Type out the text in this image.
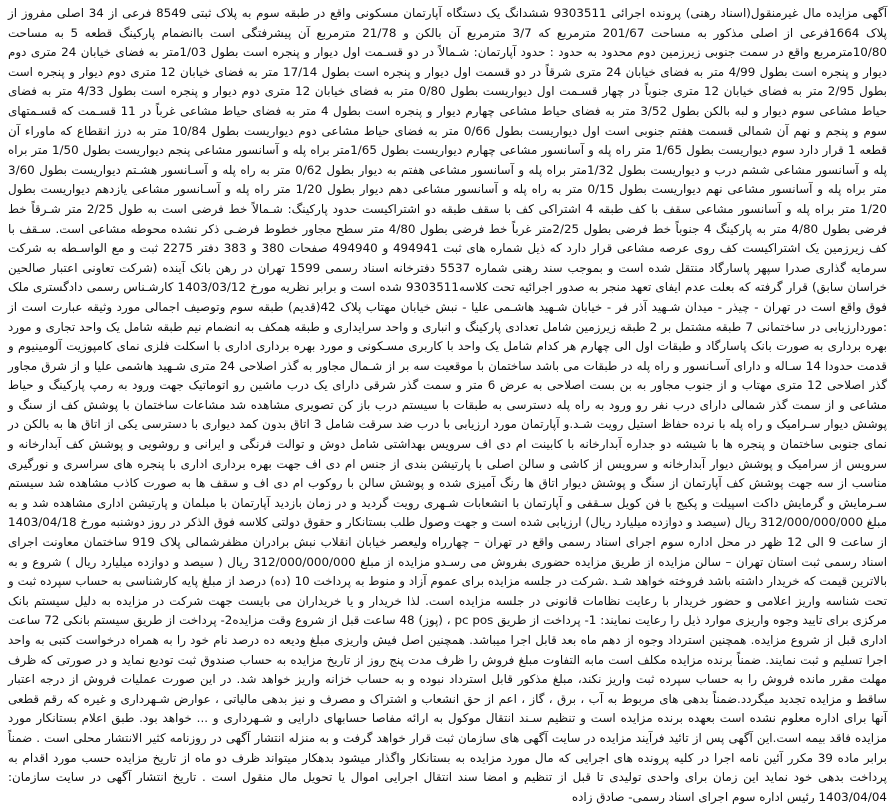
آگهی مزایده مال غیرمنقول(اسناد رهنی) پرونده اجرائی 9303511 ششدانگ یک دستگاه آپارتمان مسکونی واقع در طبقه سوم به پلاک ثبتی 8549 فرعی از 34 اصلی مفروز از پلاک 1664فرعی از اصلی مذکور به مساحت 201/67 مترمربع که 3/7 مترمربع آن بالکن و 21/78 مترمربع آن پیشرفتگی است باانضمام پارکینگ قطعه 5 به مساحت 10/80مترمربع واقع در سمت جنوبی زیرزمین دوم محدود به حدود : حدود آپارتمان: شـمالاً در دو قسـمت اول دیوار و پنجره است بطول 1/03متر به فضای خیابان 24 متری دوم دیوار و پنجره است بطول 4/99 متر به فضای خیابان 24 متری شرقاً در دو قسمت اول دیوار و پنجره است بطول 17/14 متر به فضای خیابان 12 متری دوم دیوار و پنجره است بطول 2/95 متر به فضای خیابان 12 متری جنوباً در چهار قسـمت اول دیواریست بطول 0/80 متر به فضای خیابان 12 متری دوم دیوار و پنجره است بطول 4/33 متر به فضای حیاط مشاعی سوم دیوار و لبه بالکن بطول 3/52 متر به فضای حیاط مشاعی چهارم دیوار و پنجره است بطول 4 متر به فضای حیاط مشاعی غرباً در 11 قسـمت که قسـمتهای سوم و پنجم و نهم آن شمالی قسمت هفتم جنوبی است اول دیواریست بطول 0/66 متر به فضای حیاط مشاعی دوم دیواریست بطول 10/84 متر به درز انقطاع که ماوراء آن قطعه 1 قرار دارد سوم دیواریست بطول 1/65 متر راه پله و آسانسور مشاعی چهارم دیواریست بطول 1/65متر براه پله و آسانسور مشاعی پنجم دیواریست بطول 1/50 متر براه پله و آسانسور مشاعی ششم درب و دیواریست بطول 1/32متر براه پله و آسانسور مشاعی هفتم به دیوار بطول 0/62 متر به راه پله و آسـانسور هشـتم دیواریست بطول 3/60 متر براه پله و آسانسور مشاعی نهم دیواریست بطول 0/15 متر به راه پله و آسانسور مشاعی دهم دیوار بطول 1/20 متر راه پله و آسـانسور مشاعی یازدهم دیواریست بطول 1/20 متر براه پله و آسانسور مشاعی سقف با کف طبقه 4 اشتراکی کف با سقف طبقه دو اشتراکیست حدود پارکینگ: شـمالاً خط فرضی است به طول 2/25 متر شـرقاً خط فرضی بطول 4/80 متر به پارکینگ 4 جنوباً خط فرضی بطول 2/25متر غرباً خط فرضی بطول 4/80 متر سطح مجاور خطوط فرضـی ذکر نشده محوطه مشاعی است. سـقف با کف زیرزمین یک اشتراکیست کف روی عرصه مشاعی قرار دارد که ذیل شماره های ثبت 494941 و 494940 صفحات 380 و 383 دفتر 2275 ثبت و مع الواسـطه به شرکت سرمایه گذاری صدرا سپهر پاسارگاد منتقل شده است و بموجب سند رهنی شماره 5537 دفترخانه اسناد رسمی 1599 تهران در رهن بانک آینده (شرکت تعاونی اعتبار صالحین خراسان سابق) قرار گرفته که بعلت عدم ایفای تعهد منجر به صدور اجرائیه تحت کلاسه9303511 شده است و برابر نظریه مورخ 1403/03/12 کارشـناس رسمی دادگستری ملک فوق واقع است در تهران - چیذر - میدان شـهید آذر فر - خیابان شـهید هاشـمی علیا - نبش خیابان مهتاب پلاک 42(قدیم) طبقه سوم وتوصیف اجمالی مورد وثیقه عبارت است از :موردارزیابی در ساختمانی 7 طبقه مشتمل بر 2 طبقه زیرزمین شامل تعدادی پارکینگ و انباری و واحد سرایداری و طبقه همکف به انضمام نیم طبقه شامل یک واحد تجاری و مورد بهره برداری به صورت بانک پاسارگاد و طبقات اول الی چهارم هر کدام شامل یک واحد با کاربری مسـکونی و مورد بهره برداری اداری با اسکلت فلزی نمای کامپوزیت آلومینیوم و قدمت حدودا 14 سـاله و دارای آسـانسور و راه پله در طبقات می باشد ساختمان با موقعیت سه بر از شـمال مجاور به گذر اصلاحی 24 متری شـهید هاشمی علیا و از شرق مجاور گذر اصلاحی 12 متری مهتاب و از جنوب مجاور به بن بست اصلاحی به عرض 6 متر و سمت گذر شرقی دارای یک درب ماشین رو اتوماتیک جهت ورود به رمپ پارکینگ و حیاط مشاعی و از سمت گذر شمالی دارای درب نفر رو ورود به راه پله دسترسی به طبقات با سیستم درب باز کن تصویری مشاهده شد مشاعات ساختمان با پوشش کف از سنگ و پوشش دیوار سـرامیک و راه پله با نرده حفاظ استیل رویت شـد.و آپارتمان مورد ارزیابی با درب ضد سرقت شامل 3 اتاق بدون کمد دیواری با دسترسی یکی از اتاق ها به بالکن در نمای جنوبی ساختمان و پنجره ها با شیشه دو جداره آبدارخانه با کابینت ام دی اف سرویس بهداشتی شامل دوش و توالت فرنگی و ایرانی و روشویی و پوشش کف آبدارخانه و سرویس از سرامیک و پوشش دیوار آبدارخانه و سرویس از کاشی و سالن اصلی با پارتیشن بندی از جنس ام دی اف جهت بهره برداری اداری با پنجره های سراسری و نورگیری مناسب از سه جهت پوشش کف آپارتمان از سنگ و پوشش دیوار اتاق ها رنگ آمیزی شده و پوشش سالن با روکوب ام دی اف و سقف ها به صورت کاذب مشاهده شد سیستم سـرمایش و گرمایش داکت اسپیلت و پکیج با فن کویل سـقفی و آپارتمان با انشعابات شـهری رویت گردید و در زمان بازدید آپارتمان با مبلمان و پارتیشن اداری مشاهده شد و به مبلغ 312/000/000/000 ریال (سیصد و دوازده میلیارد ریال) ارزیابی شده است و جهت وصول طلب بستانکار و حقوق دولتی کلاسه فوق الذکر در روز دوشنبه مورخ 1403/04/18 از ساعت 9 الی 12 ظهر در محل اداره سوم اجرای اسناد رسمی واقع در تهران – چهارراه ولیعصر خیابان انقلاب نبش برادران مظفرشمالی پلاک 919 ساختمان معاونت اجرای اسناد رسمی ثبت استان تهران – سالن مزایده از طریق مزایده حضوری بفروش می رسـدو مزایده از مبلغ 312/000/000/000 ریال ( سیصد و دوازده میلیارد ریال ) شروع و به بالاترین قیمت که خریدار داشته باشد فروخته خواهد شـد .شرکت در جلسه مزایده برای عموم آزاد و منوط به پرداخت 10 (ده) درصد از مبلغ پایه کارشناسی به حساب سپرده ثبت و تحت شناسه واریز اعلامی و حضور خریدار با رعایت نظامات قانونی در جلسه مزایده است. لذا خریدار و یا خریداران می بایست جهت شرکت در مزایده به دلیل سیستم بانک مرکزی برای تایید وجوه واریزی موارد ذیل را رعایت نمایند: 1- پرداخت از طریق pc pos ، (پوز) 48 ساعت قبل از شروع وقت مزایده2- پرداخت از طریق سیستم بانکی 72 ساعت اداری قبل از شروع مزایده. همچنین استرداد وجوه از دهم ماه بعد قابل اجرا میباشد. همچنین اصل فیش واریزی مبلغ ودیعه ده درصد نام خود را به همراه درخواست کتبی به واحد اجرا تسلیم و ثبت نمایند. ضمناً برنده مزایده مکلف است مابه التفاوت مبلغ فروش را ظرف مدت پنج روز از تاریخ مزایده به حساب صندوق ثبت تودیع نماید و در صورتی که ظرف مهلت مقرر مانده فروش را به حساب سپرده ثبت واریز نکند، مبلغ مذکور قابل استرداد نبوده و به حساب خزانه واریز خواهد شد. در این صورت عملیات فروش از درجه اعتبار ساقط و مزایده تجدید میگردد.ضمناً بدهی های مربوط به آب ، برق ، گاز ، اعم از حق انشعاب و اشتراک و مصرف و نیز بدهی مالیاتی ، عوارض شـهرداری و غیره که رقم قطعی آنها برای اداره معلوم نشده است بعهده برنده مزایده است و تنظیم سـند انتقال موکول به ارائه مفاصا حسابهای دارایی و شـهرداری و ... خواهد بود. طبق اعلام بستانکار مورد مزایده فاقد بیمه است.این آگهی پس از تائید فرآیند مزایده در سایت آگهی های سازمان ثبت قرار خواهد گرفت و به منزله انتشار آگهی در روزنامه کثیر الانتشار محلی است . ضمناً برابر ماده 39 مکرر آئین نامه اجرا در کلیه پرونده های اجرایی که مال مورد مزایده به بستانکار واگذار میشود بدهکار میتواند ظرف دو ماه از تاریخ مزایده حسب مورد اقدام به پرداخت بدهی خود نماید این زمان برای واحدی تولیدی تا قبل از تنظیم و امضا سند انتقال اجرایی اموال یا تحویل مال منقول است . تاریخ انتشار آگهی در سایت سازمان: 1403/04/04 رئیس اداره سوم اجرای اسناد رسمی- صادق زاده
